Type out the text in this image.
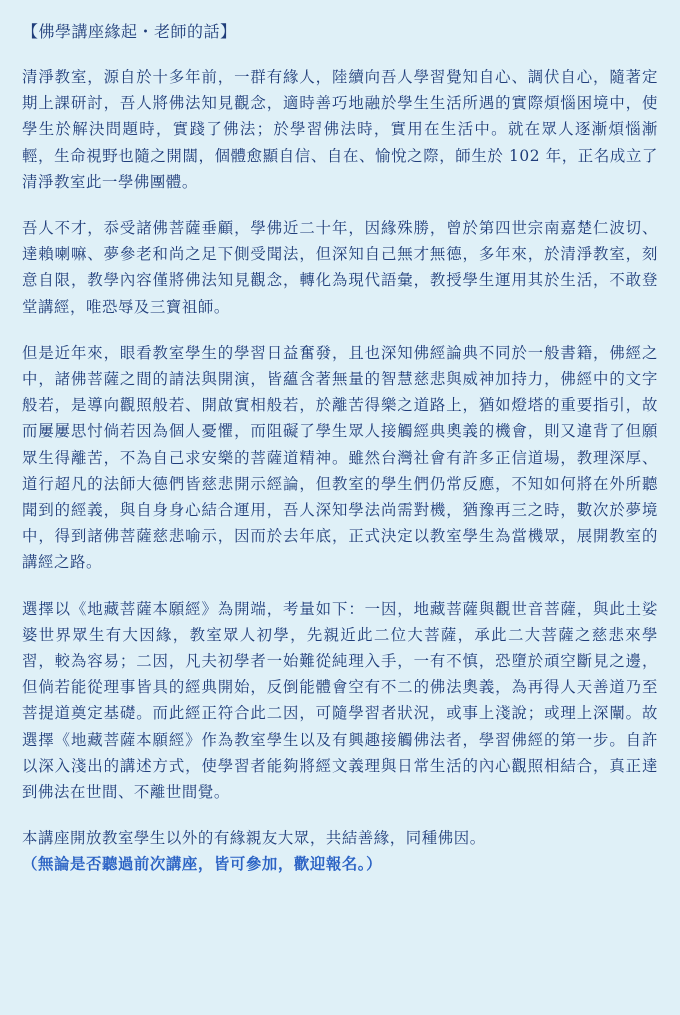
【佛學講座緣起・老師的話】

清淨教室，源自於十多年前，一群有緣人，陸續向吾人學習覺知自心、調伏自心，隨著定期上課研討，吾人將佛法知見觀念，適時善巧地融於學生生活所遇的實際煩惱困境中，使學生於解決問題時，實踐了佛法；於學習佛法時，實用在生活中。就在眾人逐漸煩惱漸輕，生命視野也隨之開闊，個體愈顯自信、自在、愉悅之際，師生於 102 年，正名成立了清淨教室此一學佛團體。

吾人不才，忝受諸佛菩薩垂顧，學佛近二十年，因緣殊勝，曾於第四世宗南嘉楚仁波切、達賴喇嘛、夢參老和尚之足下側受聞法，但深知自己無才無德，多年來，於清淨教室，刻意自限，教學內容僅將佛法知見觀念，轉化為現代語彙，教授學生運用其於生活，不敢登堂講經，唯恐辱及三寶祖師。

但是近年來，眼看教室學生的學習日益奮發，且也深知佛經論典不同於一般書籍，佛經之中，諸佛菩薩之間的請法與開演，皆蘊含著無量的智慧慈悲與威神加持力，佛經中的文字般若，是導向觀照般若、開啟實相般若，於離苦得樂之道路上，猶如燈塔的重要指引，故而屢屢思忖倘若因為個人憂懼，而阻礙了學生眾人接觸經典奧義的機會，則又違背了但願眾生得離苦，不為自己求安樂的菩薩道精神。雖然台灣社會有許多正信道場，教理深厚、道行超凡的法師大德們皆慈悲開示經論，但教室的學生們仍常反應，不知如何將在外所聽聞到的經義，與自身身心結合運用，吾人深知學法尚需對機，猶豫再三之時，數次於夢境中，得到諸佛菩薩慈悲喻示，因而於去年底，正式決定以教室學生為當機眾，展開教室的講經之路。

選擇以《地藏菩薩本願經》為開端，考量如下：一因，地藏菩薩與觀世音菩薩，與此土娑婆世界眾生有大因緣，教室眾人初學，先親近此二位大菩薩，承此二大菩薩之慈悲來學習，較為容易；二因，凡夫初學者一始難從純理入手，一有不慎，恐墮於頑空斷見之邊，但倘若能從理事皆具的經典開始，反倒能體會空有不二的佛法奧義，為再得人天善道乃至菩提道奠定基礎。而此經正符合此二因，可隨學習者狀況，或事上淺說；或理上深闡。故選擇《地藏菩薩本願經》作為教室學生以及有興趣接觸佛法者，學習佛經的第一步。自許以深入淺出的講述方式，使學習者能夠將經文義理與日常生活的內心觀照相結合，真正達到佛法在世間、不離世間覺。

本講座開放教室學生以外的有緣親友大眾，共結善緣，同種佛因。

（無論是否聽過前次講座，皆可參加，歡迎報名。）
